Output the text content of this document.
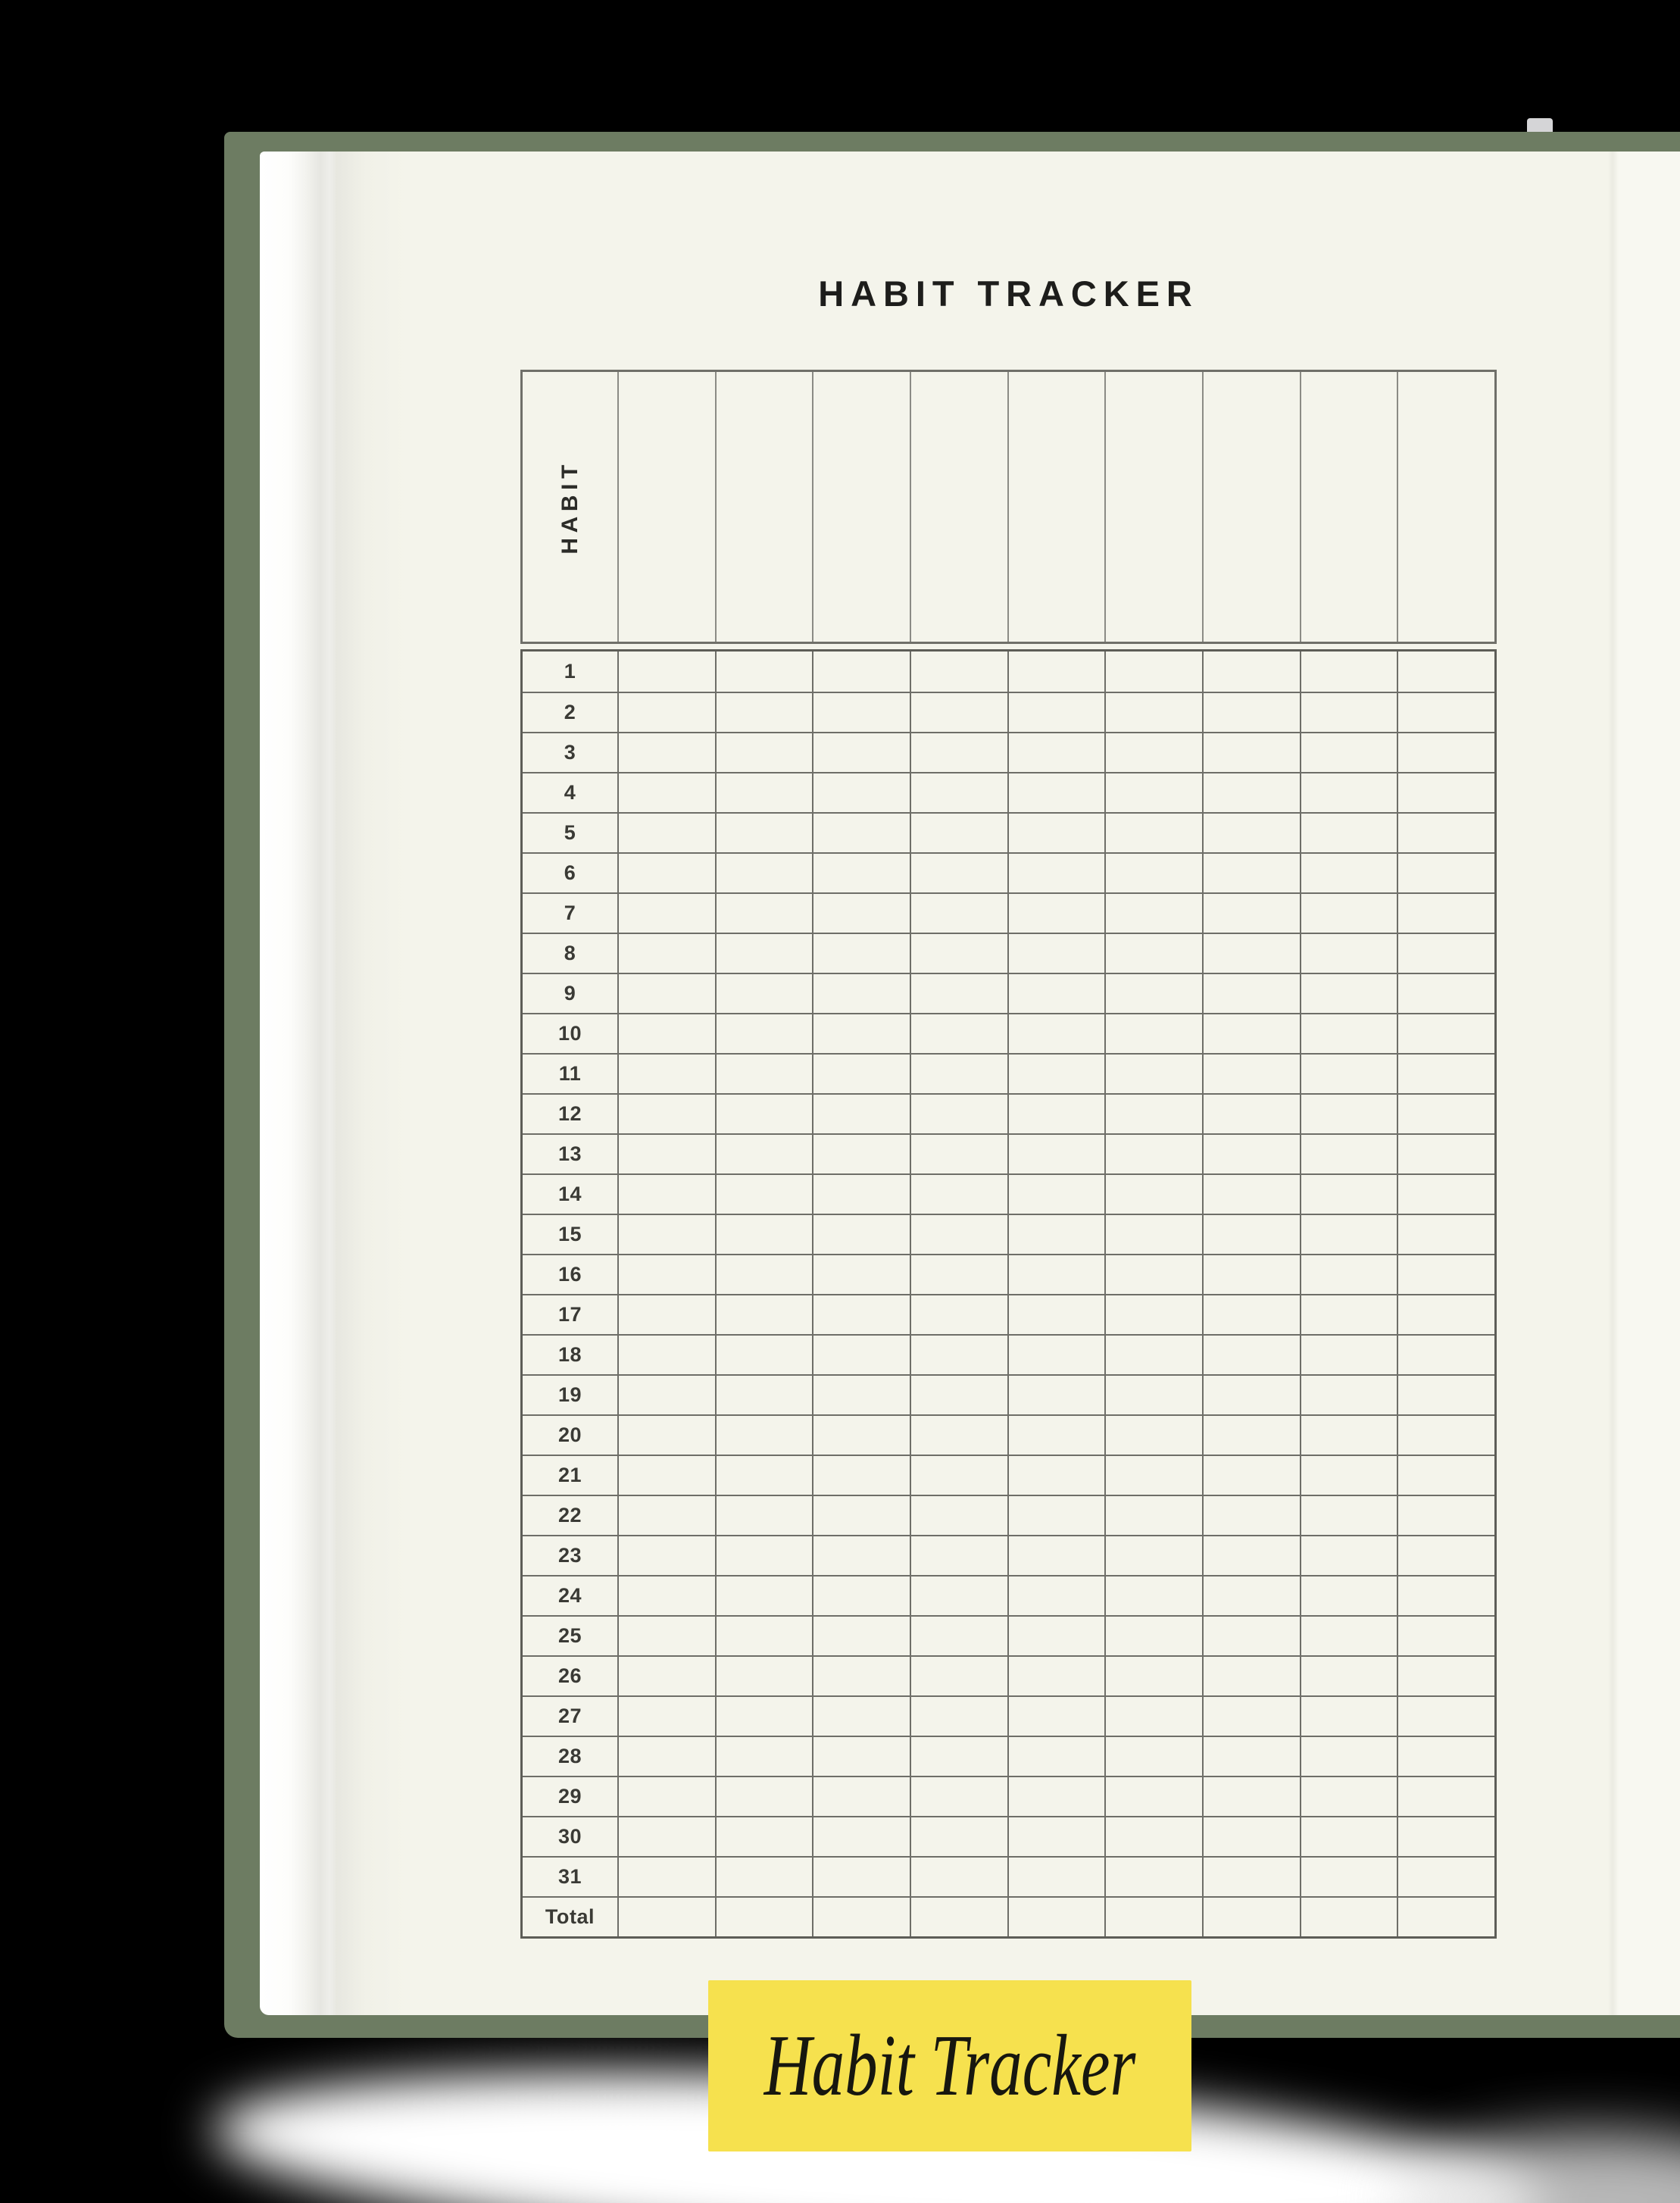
HABIT TRACKER
HABIT
1
2
3
4
5
6
7
8
9
10
11
12
13
14
15
16
17
18
19
20
21
22
23
24
25
26
27
28
29
30
31
Total
Habit Tracker
